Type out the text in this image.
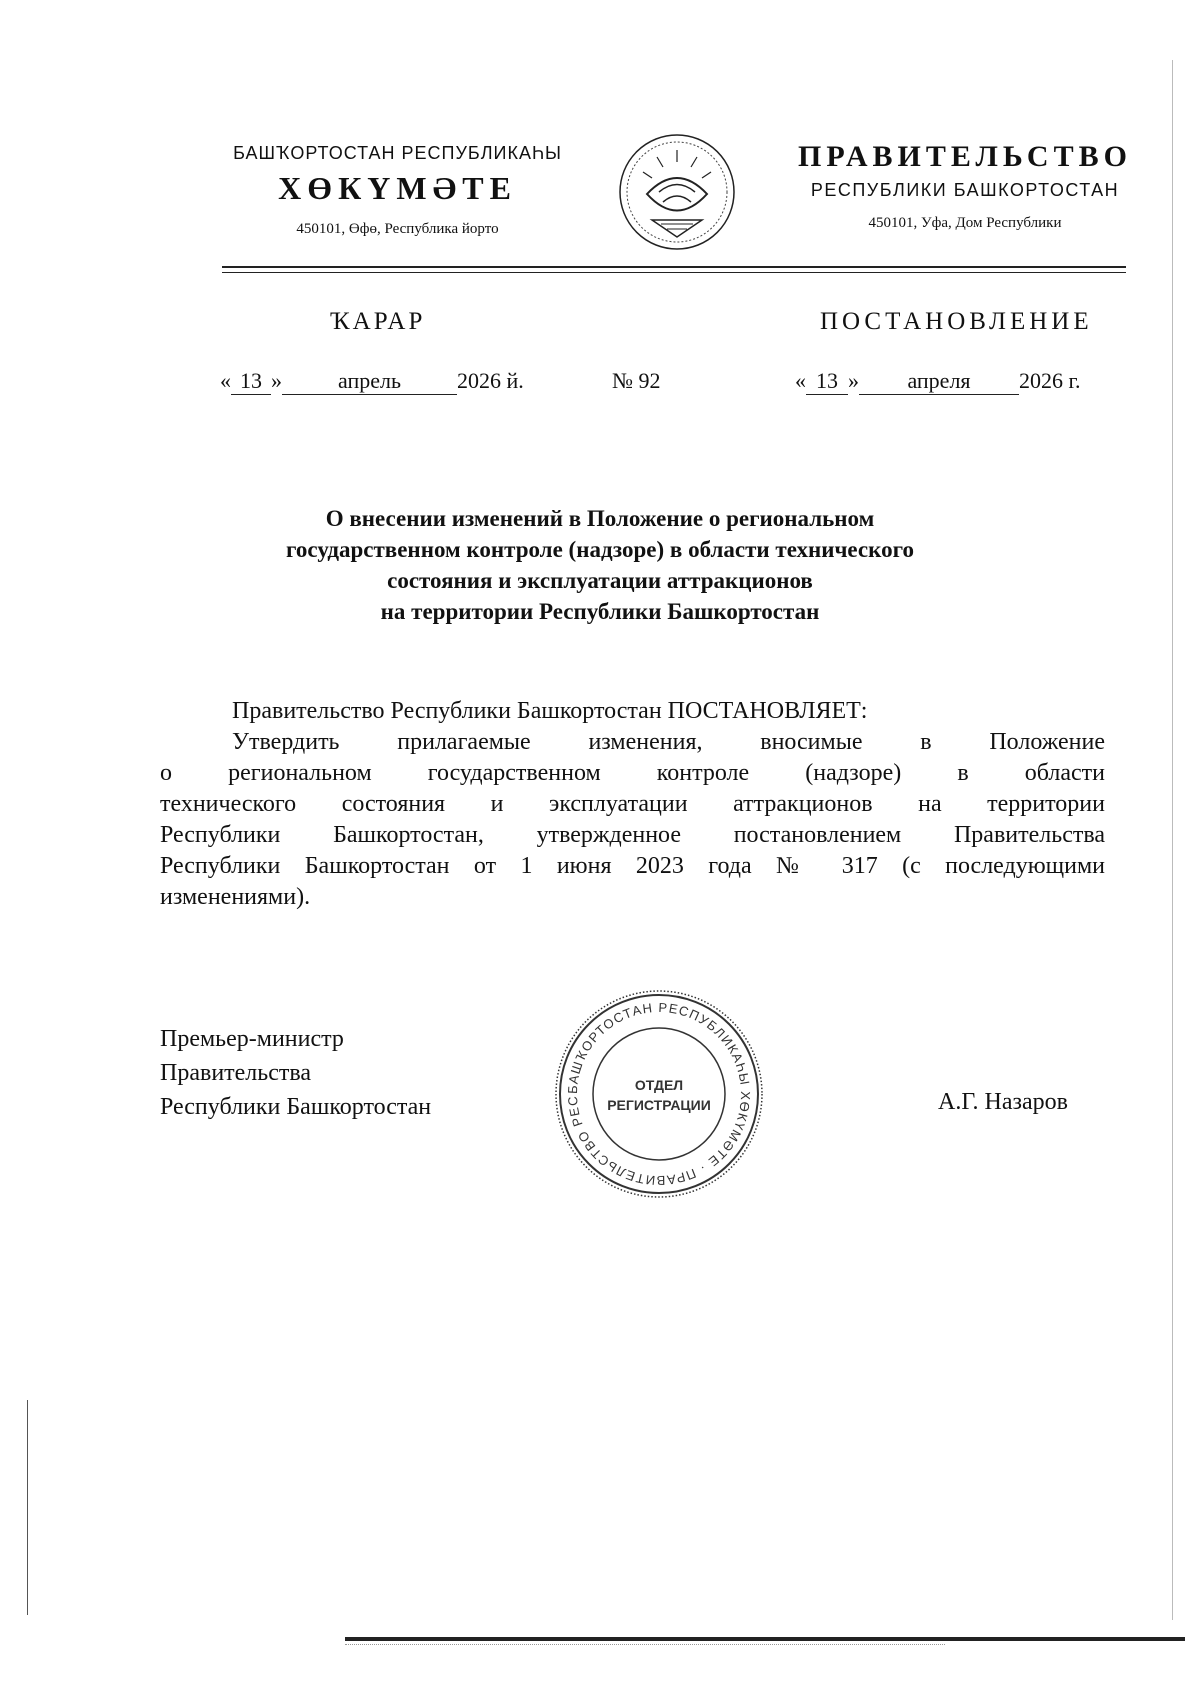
БАШҠОРТОСТАН РЕСПУБЛИКАҺЫ
ХӨКҮМӘТЕ
450101, Өфө, Республика йорто
ПРАВИТЕЛЬСТВО
РЕСПУБЛИКИ БАШКОРТОСТАН
450101, Уфа, Дом Республики
ҠАРАР	ПОСТАНОВЛЕНИЕ
« 13 »	апрель	2026 й.	№ 92	« 13 » апреля 2026 г.
О внесении изменений в Положение о региональном
государственном контроле (надзоре) в области технического
состояния и эксплуатации аттракционов
на территории Республики Башкортостан

Правительство Республики Башкортостан ПОСТАНОВЛЯЕТ:

Утвердить прилагаемые изменения, вносимые в Положение

о региональном государственном контроле (надзоре) в области

технического состояния и эксплуатации аттракционов на территории

Республики Башкортостан, утвержденное постановлением Правительства

Республики Башкортостан от 1 июня 2023 года № 317 (с последующими

изменениями).

Премьер-министр
Правительства
Республики Башкортостан	А.Г. Назаров
БАШҠОРТОСТАН РЕСПУБЛИКАҺЫ ХӨКҮМӘТЕ · ПРАВИТЕЛЬСТВО РЕС
ОТДЕЛ
РЕГИСТРАЦИИ
